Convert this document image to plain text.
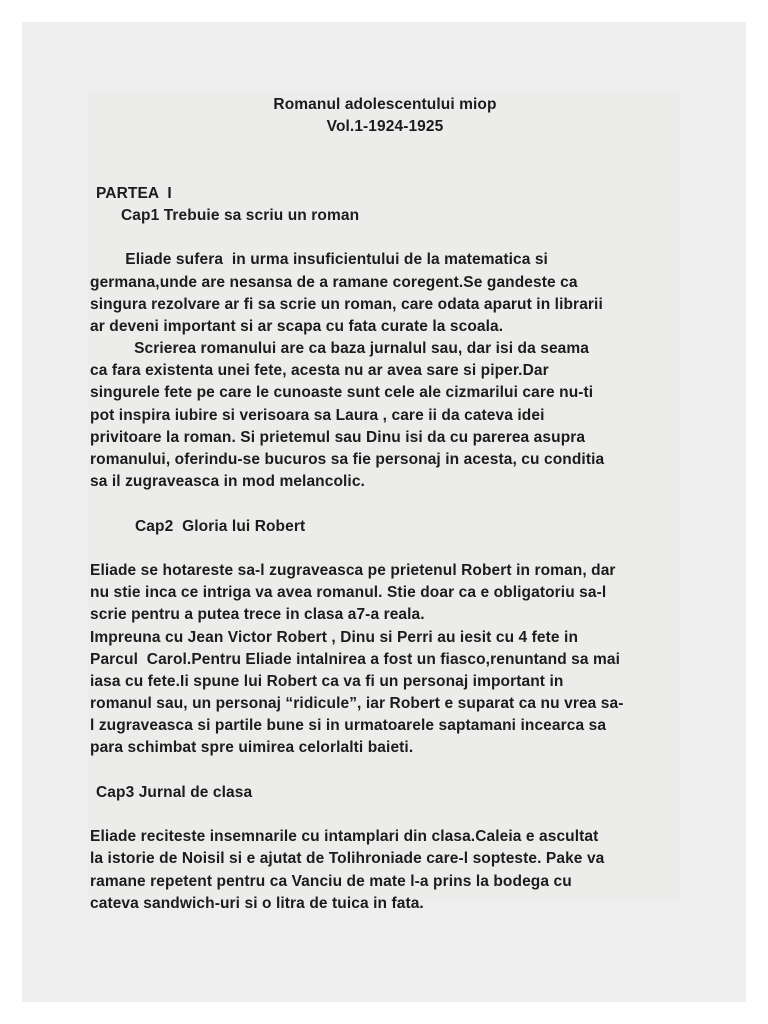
Romanul adolescentului miop
Vol.1-1924-1925
PARTEA  I
Cap1 Trebuie sa scriu un roman
Eliade sufera  in urma insuficientului de la matematica si
germana,unde are nesansa de a ramane coregent.Se gandeste ca
singura rezolvare ar fi sa scrie un roman, care odata aparut in librarii
ar deveni important si ar scapa cu fata curate la scoala.
Scrierea romanului are ca baza jurnalul sau, dar isi da seama
ca fara existenta unei fete, acesta nu ar avea sare si piper.Dar
singurele fete pe care le cunoaste sunt cele ale cizmarilui care nu-ti
pot inspira iubire si verisoara sa Laura , care ii da cateva idei
privitoare la roman. Si prietemul sau Dinu isi da cu parerea asupra
romanului, oferindu-se bucuros sa fie personaj in acesta, cu conditia
sa il zugraveasca in mod melancolic.
Cap2  Gloria lui Robert
Eliade se hotareste sa-l zugraveasca pe prietenul Robert in roman, dar
nu stie inca ce intriga va avea romanul. Stie doar ca e obligatoriu sa-l
scrie pentru a putea trece in clasa a7-a reala.
Impreuna cu Jean Victor Robert , Dinu si Perri au iesit cu 4 fete in
Parcul  Carol.Pentru Eliade intalnirea a fost un fiasco,renuntand sa mai
iasa cu fete.Ii spune lui Robert ca va fi un personaj important in
romanul sau, un personaj “ridicule”, iar Robert e suparat ca nu vrea sa-
l zugraveasca si partile bune si in urmatoarele saptamani incearca sa
para schimbat spre uimirea celorlalti baieti.
Cap3 Jurnal de clasa
Eliade reciteste insemnarile cu intamplari din clasa.Caleia e ascultat
la istorie de Noisil si e ajutat de Tolihroniade care-l sopteste. Pake va
ramane repetent pentru ca Vanciu de mate l-a prins la bodega cu
cateva sandwich-uri si o litra de tuica in fata.
